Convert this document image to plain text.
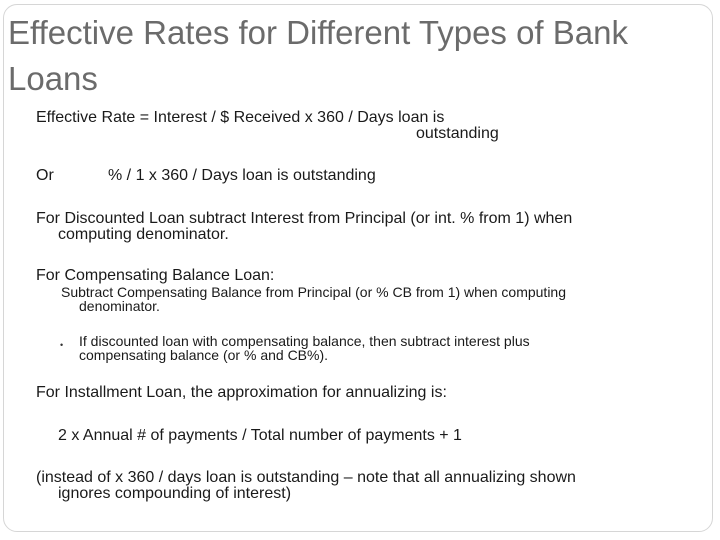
Effective Rates for Different Types of Bank Loans

Effective Rate = Interest / $ Received x 360 / Days loan is

outstanding

Or	% / 1 x 360 / Days loan is outstanding

For Discounted Loan subtract Interest from Principal (or int. % from 1) when

computing denominator.

For Compensating Balance Loan:

Subtract Compensating Balance from Principal (or % CB from 1) when computing

denominator.

• If discounted loan with compensating balance, then subtract interest plus

compensating balance (or % and CB%).

For Installment Loan, the approximation for annualizing is:

2 x Annual # of payments / Total number of payments + 1

(instead of x 360 / days loan is outstanding – note that all annualizing shown

ignores compounding of interest)
